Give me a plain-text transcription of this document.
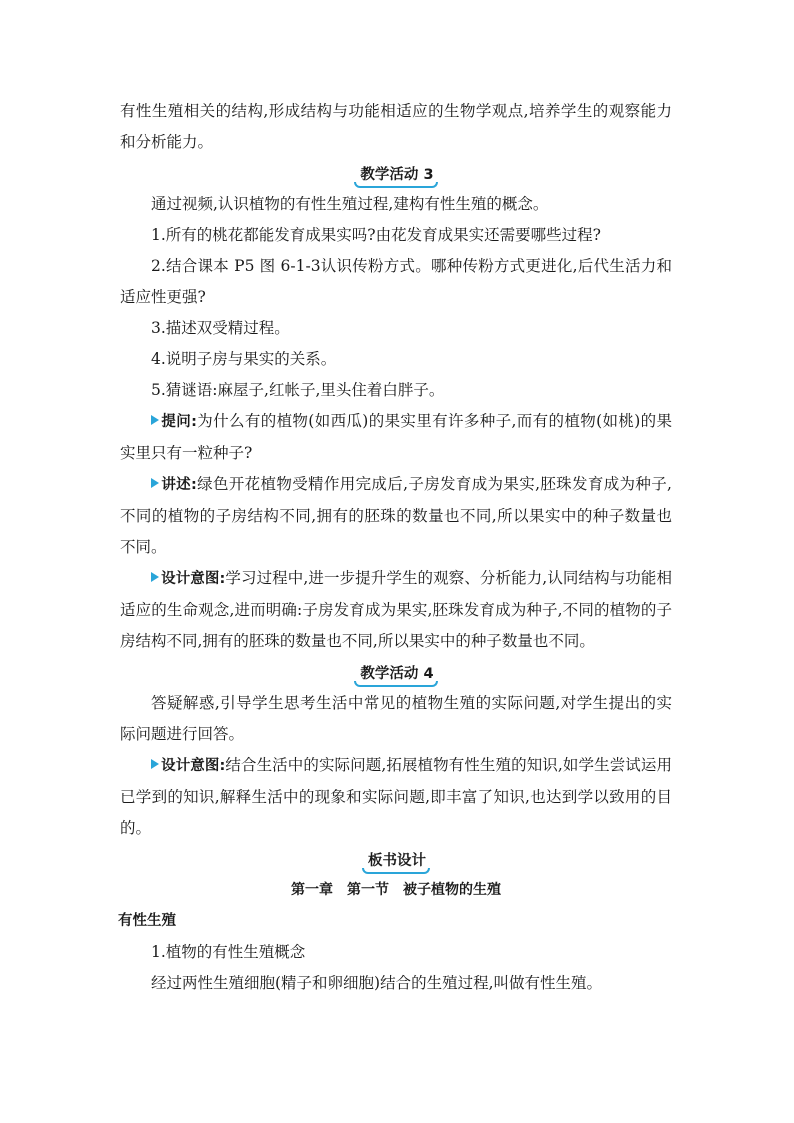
有性生殖相关的结构,形成结构与功能相适应的生物学观点,培养学生的观察能力和分析能力。

教学活动 3

通过视频,认识植物的有性生殖过程,建构有性生殖的概念。

1.所有的桃花都能发育成果实吗?由花发育成果实还需要哪些过程?

2.结合课本 P5 图 6-1-3认识传粉方式。哪种传粉方式更进化,后代生活力和适应性更强?

3.描述双受精过程。

4.说明子房与果实的关系。

5.猜谜语:麻屋子,红帐子,里头住着白胖子。

提问:为什么有的植物(如西瓜)的果实里有许多种子,而有的植物(如桃)的果实里只有一粒种子?

讲述:绿色开花植物受精作用完成后,子房发育成为果实,胚珠发育成为种子,不同的植物的子房结构不同,拥有的胚珠的数量也不同,所以果实中的种子数量也不同。

设计意图:学习过程中,进一步提升学生的观察、分析能力,认同结构与功能相适应的生命观念,进而明确:子房发育成为果实,胚珠发育成为种子,不同的植物的子房结构不同,拥有的胚珠的数量也不同,所以果实中的种子数量也不同。

教学活动 4

答疑解惑,引导学生思考生活中常见的植物生殖的实际问题,对学生提出的实际问题进行回答。

设计意图:结合生活中的实际问题,拓展植物有性生殖的知识,如学生尝试运用已学到的知识,解释生活中的现象和实际问题,即丰富了知识,也达到学以致用的目的。

板书设计
第一章　第一节　被子植物的生殖
有性生殖

1.植物的有性生殖概念

经过两性生殖细胞(精子和卵细胞)结合的生殖过程,叫做有性生殖。
